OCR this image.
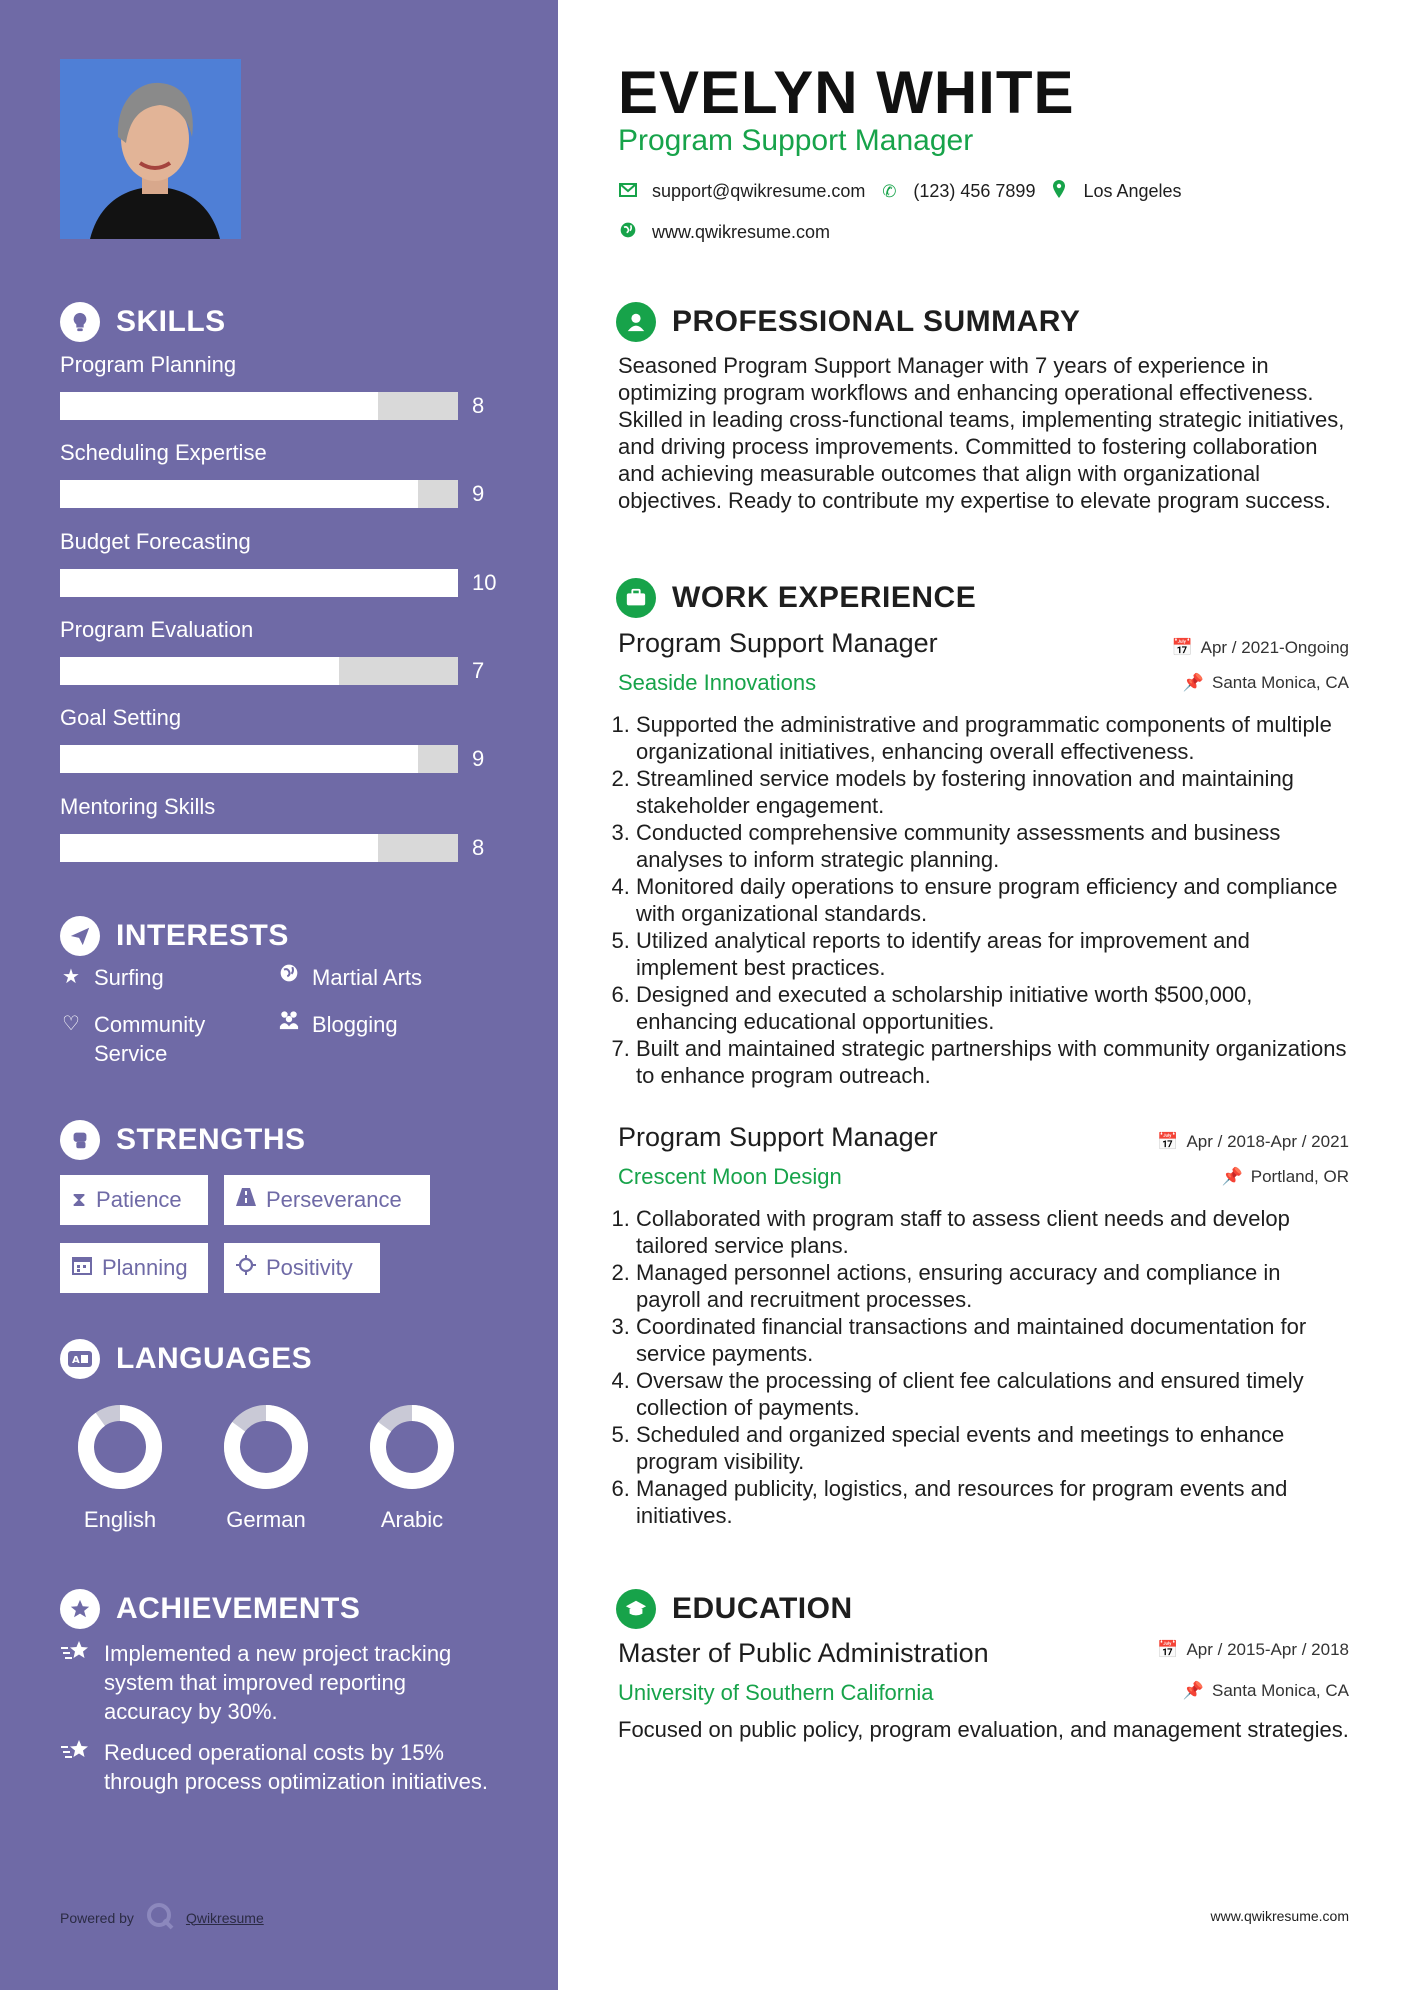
SKILLS
Program Planning
8
Scheduling Expertise
9
Budget Forecasting
10
Program Evaluation
7
Goal Setting
9
Mentoring Skills
8
INTERESTS
★ Surfing	Martial Arts
♡ Community Service
Blogging
STRENGTHS
⧗ Patience	Perseverance
Planning	Positivity
A LANGUAGES
English	German	Arabic
ACHIEVEMENTS
Implemented a new project tracking system that improved reporting accuracy by 30%.
Reduced operational costs by 15% through process optimization initiatives.
Powered by	Qwikresume
EVELYN WHITE
Program Support Manager
support@qwikresume.com ✆ (123) 456 7899	Los Angeles
www.qwikresume.com
PROFESSIONAL SUMMARY
Seasoned Program Support Manager with 7 years of experience in optimizing program workflows and enhancing operational effectiveness. Skilled in leading cross-functional teams, implementing strategic initiatives, and driving process improvements. Committed to fostering collaboration and achieving measurable outcomes that align with organizational objectives. Ready to contribute my expertise to elevate program success.
WORK EXPERIENCE
Program Support Manager	📅 Apr / 2021-Ongoing
Seaside Innovations	📌 Santa Monica, CA
1. Supported the administrative and programmatic components of multiple organizational initiatives, enhancing overall effectiveness.
2. Streamlined service models by fostering innovation and maintaining stakeholder engagement.
3. Conducted comprehensive community assessments and business analyses to inform strategic planning.
4. Monitored daily operations to ensure program efficiency and compliance with organizational standards.
5. Utilized analytical reports to identify areas for improvement and implement best practices.
6. Designed and executed a scholarship initiative worth $500,000, enhancing educational opportunities.
7. Built and maintained strategic partnerships with community organizations to enhance program outreach.
Program Support Manager	📅 Apr / 2018-Apr / 2021
Crescent Moon Design	📌 Portland, OR
1. Collaborated with program staff to assess client needs and develop tailored service plans.
2. Managed personnel actions, ensuring accuracy and compliance in payroll and recruitment processes.
3. Coordinated financial transactions and maintained documentation for service payments.
4. Oversaw the processing of client fee calculations and ensured timely collection of payments.
5. Scheduled and organized special events and meetings to enhance program visibility.
6. Managed publicity, logistics, and resources for program events and initiatives.
EDUCATION
Master of Public Administration	📅 Apr / 2015-Apr / 2018
University of Southern California	📌 Santa Monica, CA
Focused on public policy, program evaluation, and management strategies.
www.qwikresume.com
